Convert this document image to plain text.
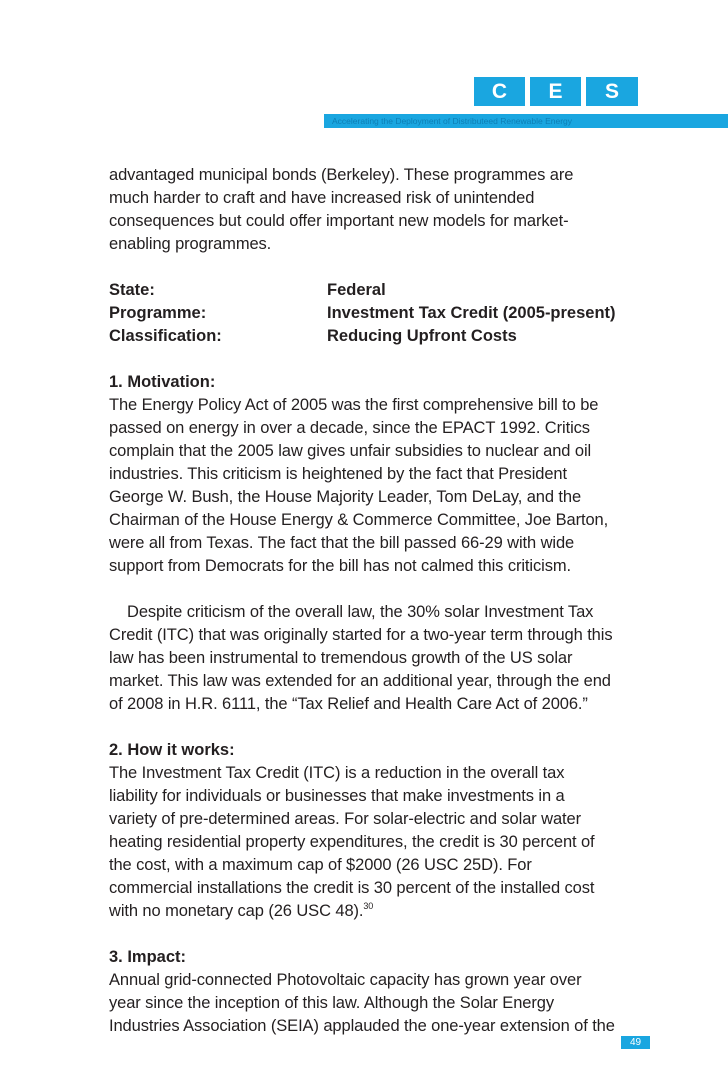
C	E	S
Accelerating the Deployment of Distributeed Renewable Energy

advantaged municipal bonds (Berkeley). These programmes are
much harder to craft and have increased risk of unintended
consequences but could offer important new models for market-
enabling programmes.

State:	Federal
Programme:	Investment Tax Credit (2005-present)
Classification:	Reducing Upfront Costs

1. Motivation:

The Energy Policy Act of 2005 was the first comprehensive bill to be
passed on energy in over a decade, since the EPACT 1992. Critics
complain that the 2005 law gives unfair subsidies to nuclear and oil
industries. This criticism is heightened by the fact that President
George W. Bush, the House Majority Leader, Tom DeLay, and the
Chairman of the House Energy & Commerce Committee, Joe Barton,
were all from Texas. The fact that the bill passed 66-29 with wide
support from Democrats for the bill has not calmed this criticism.

Despite criticism of the overall law, the 30% solar Investment Tax
Credit (ITC) that was originally started for a two-year term through this
law has been instrumental to tremendous growth of the US solar
market. This law was extended for an additional year, through the end
of 2008 in H.R. 6111, the “Tax Relief and Health Care Act of 2006.”

2. How it works:

The Investment Tax Credit (ITC) is a reduction in the overall tax
liability for individuals or businesses that make investments in a
variety of pre-determined areas. For solar-electric and solar water
heating residential property expenditures, the credit is 30 percent of
the cost, with a maximum cap of $2000 (26 USC 25D). For
commercial installations the credit is 30 percent of the installed cost
with no monetary cap (26 USC 48).$^{30}$

3. Impact:

Annual grid-connected Photovoltaic capacity has grown year over
year since the inception of this law. Although the Solar Energy
Industries Association (SEIA) applauded the one-year extension of the

49
